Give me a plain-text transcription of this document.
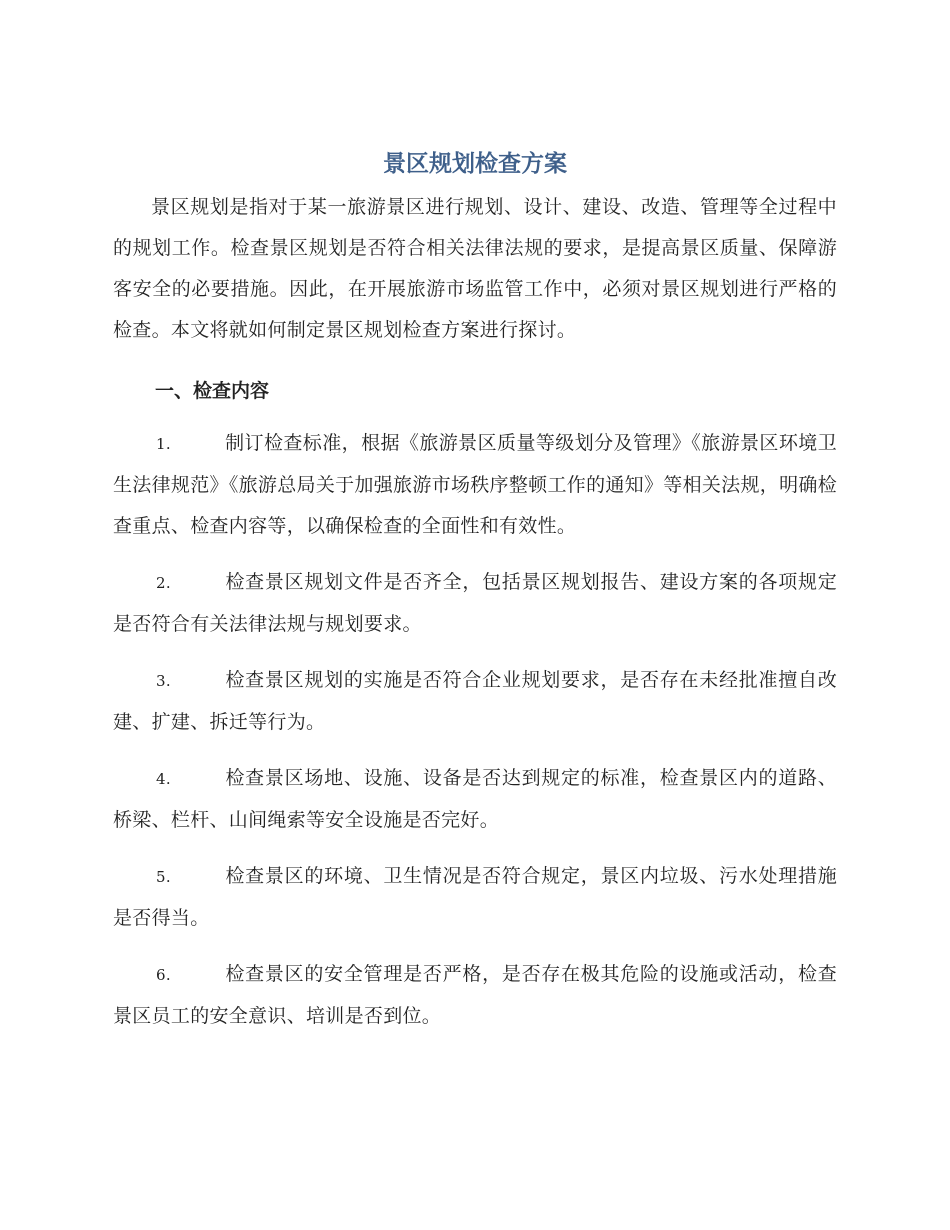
景区规划检查方案

景区规划是指对于某一旅游景区进行规划、设计、建设、改造、管理等全过程中的规划工作。检查景区规划是否符合相关法律法规的要求，是提高景区质量、保障游客安全的必要措施。因此，在开展旅游市场监管工作中，必须对景区规划进行严格的检查。本文将就如何制定景区规划检查方案进行探讨。

一、检查内容
1.	制订检查标准，根据《旅游景区质量等级划分及管理》《旅游景区环境卫生法律规范》《旅游总局关于加强旅游市场秩序整顿工作的通知》等相关法规，明确检查重点、检查内容等，以确保检查的全面性和有效性。
2.	检查景区规划文件是否齐全，包括景区规划报告、建设方案的各项规定是否符合有关法律法规与规划要求。
3.	检查景区规划的实施是否符合企业规划要求，是否存在未经批准擅自改建、扩建、拆迁等行为。
4.	检查景区场地、设施、设备是否达到规定的标准，检查景区内的道路、桥梁、栏杆、山间绳索等安全设施是否完好。
5.	检查景区的环境、卫生情况是否符合规定，景区内垃圾、污水处理措施是否得当。
6.	检查景区的安全管理是否严格，是否存在极其危险的设施或活动，检查景区员工的安全意识、培训是否到位。
